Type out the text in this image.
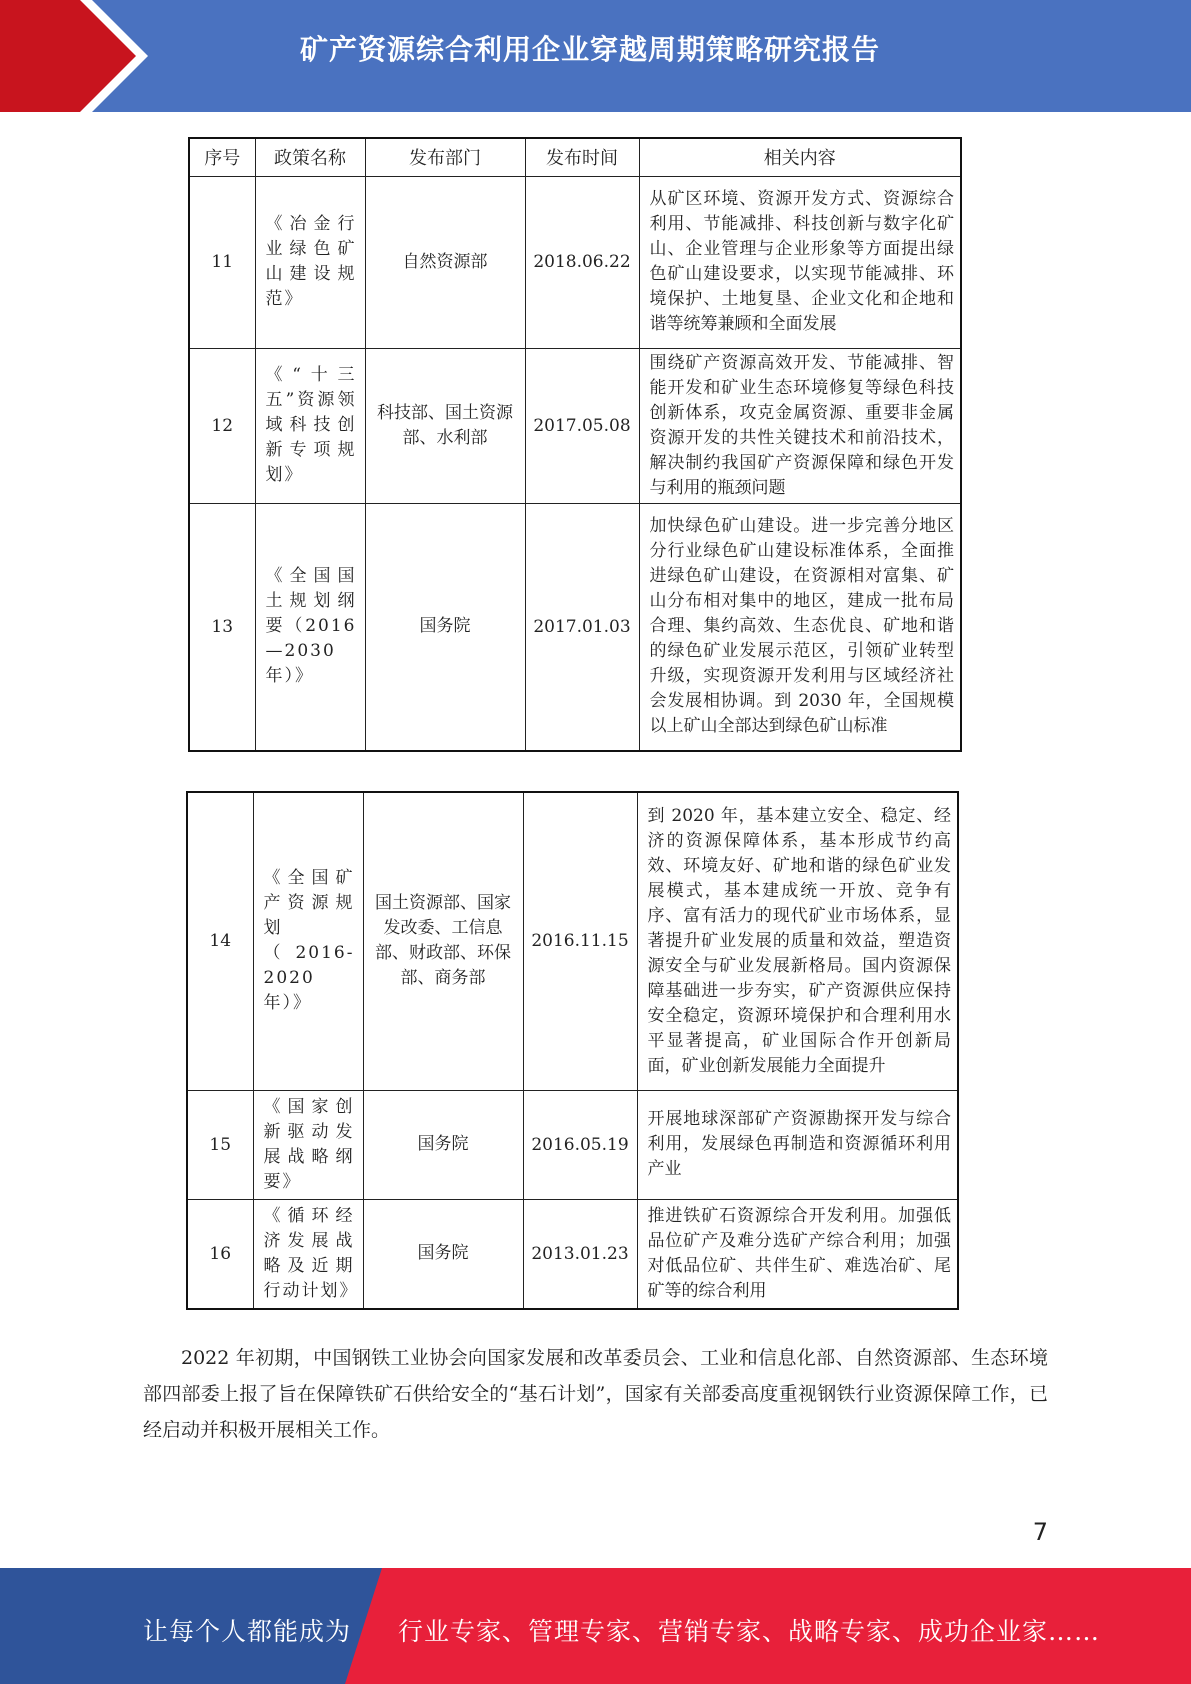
矿产资源综合利用企业穿越周期策略研究报告
序号	政策名称	发布部门	发布时间	相关内容
11	《冶金行业绿色矿山建设规范》	自然资源部	2018.06.22	从矿区环境、资源开发方式、资源综合利用、节能减排、科技创新与数字化矿山、企业管理与企业形象等方面提出绿色矿山建设要求，以实现节能减排、环境保护、土地复垦、企业文化和企地和谐等统筹兼顾和全面发展
12	《“十三五”资源领域科技创新专项规划》	科技部、国土资源部、水利部	2017.05.08	围绕矿产资源高效开发、节能减排、智能开发和矿业生态环境修复等绿色科技创新体系，攻克金属资源、重要非金属资源开发的共性关键技术和前沿技术，解决制约我国矿产资源保障和绿色开发与利用的瓶颈问题
13	《全国国土规划纲要（2016—2030年）》	国务院	2017.01.03	加快绿色矿山建设。进一步完善分地区分行业绿色矿山建设标准体系，全面推进绿色矿山建设，在资源相对富集、矿山分布相对集中的地区，建成一批布局合理、集约高效、生态优良、矿地和谐的绿色矿业发展示范区，引领矿业转型升级，实现资源开发利用与区域经济社会发展相协调。到 2030 年，全国规模以上矿山全部达到绿色矿山标准
14	《全国矿产资源规划（2016-2020年）》	国土资源部、国家发改委、工信息部、财政部、环保部、商务部	2016.11.15	到 2020 年，基本建立安全、稳定、经济的资源保障体系，基本形成节约高效、环境友好、矿地和谐的绿色矿业发展模式，基本建成统一开放、竞争有序、富有活力的现代矿业市场体系，显著提升矿业发展的质量和效益，塑造资源安全与矿业发展新格局。国内资源保障基础进一步夯实，矿产资源供应保持安全稳定，资源环境保护和合理利用水平显著提高，矿业国际合作开创新局面，矿业创新发展能力全面提升
15	《国家创新驱动发展战略纲要》	国务院	2016.05.19	开展地球深部矿产资源勘探开发与综合利用，发展绿色再制造和资源循环利用产业
16	《循环经济发展战略及近期行动计划》	国务院	2013.01.23	推进铁矿石资源综合开发利用。加强低品位矿产及难分选矿产综合利用；加强对低品位矿、共伴生矿、难选冶矿、尾矿等的综合利用

2022 年初期，中国钢铁工业协会向国家发展和改革委员会、工业和信息化部、自然资源部、生态环境部四部委上报了旨在保障铁矿石供给安全的“基石计划”，国家有关部委高度重视钢铁行业资源保障工作，已经启动并积极开展相关工作。

7
让每个人都能成为 行业专家、管理专家、营销专家、战略专家、成功企业家……
